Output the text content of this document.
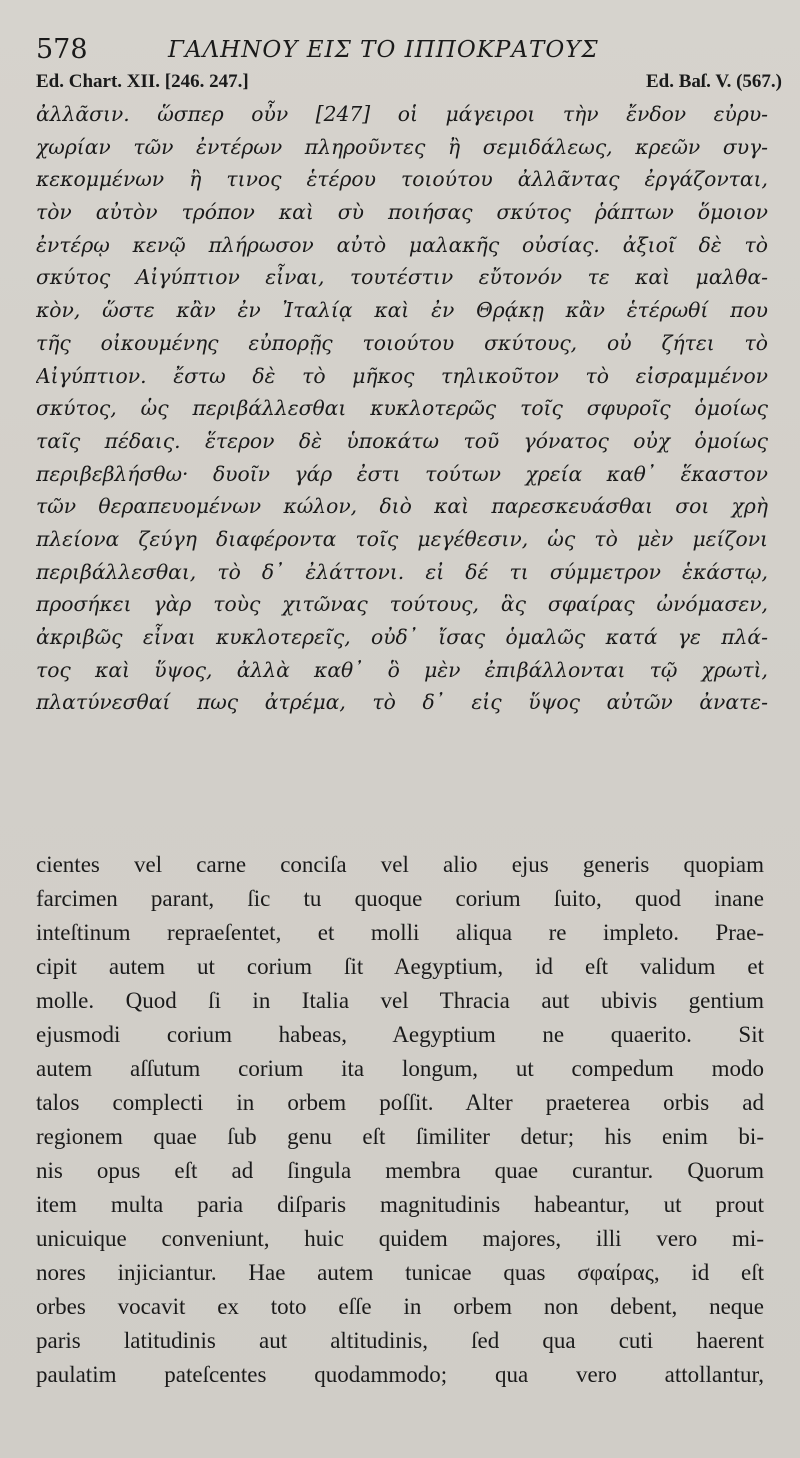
578	ΓΑΛΗΝΟΥ ΕΙΣ ΤΟ ΙΠΠΟΚΡΑΤΟΥΣ
Ed. Chart. XII. [246. 247.]	Ed. Baſ. V. (567.)
ἀλλᾶσιν. ὥσπερ οὖν [247] οἱ μάγειροι τὴν ἔνδον εὐρυ-
χωρίαν τῶν ἐντέρων πληροῦντες ἢ σεμιδάλεως, κρεῶν συγ-
κεκομμένων ἢ τινος ἑτέρου τοιούτου ἀλλᾶντας ἐργάζονται,
τὸν αὐτὸν τρόπον καὶ σὺ ποιήσας σκύτος ῥάπτων ὅμοιον
ἐντέρῳ κενῷ πλήρωσον αὐτὸ μαλακῆς οὐσίας. ἀξιοῖ δὲ τὸ
σκύτος Αἰγύπτιον εἶναι, τουτέστιν εὔτονόν τε καὶ μαλθα-
κὸν, ὥστε κἂν ἐν Ἰταλίᾳ καὶ ἐν Θρᾴκῃ κἂν ἑτέρωθί που
τῆς οἰκουμένης εὐπορῇς τοιούτου σκύτους, οὐ ζήτει τὸ
Αἰγύπτιον. ἔστω δὲ τὸ μῆκος τηλικοῦτον τὸ εἰσραμμένον
σκύτος, ὡς περιβάλλεσθαι κυκλοτερῶς τοῖς σφυροῖς ὁμοίως
ταῖς πέδαις. ἕτερον δὲ ὑποκάτω τοῦ γόνατος οὐχ ὁμοίως
περιβεβλήσθω· δυοῖν γάρ ἐστι τούτων χρεία καθ᾽ ἕκαστον
τῶν θεραπευομένων κώλον, διὸ καὶ παρεσκευάσθαι σοι χρὴ
πλείονα ζεύγη διαφέροντα τοῖς μεγέθεσιν, ὡς τὸ μὲν μείζονι
περιβάλλεσθαι, τὸ δ᾽ ἐλάττονι. εἰ δέ τι σύμμετρον ἑκάστῳ,
προσήκει γὰρ τοὺς χιτῶνας τούτους, ἃς σφαίρας ὠνόμασεν,
ἀκριβῶς εἶναι κυκλοτερεῖς, οὐδ᾽ ἴσας ὁμαλῶς κατά γε πλά-
τος καὶ ὕψος, ἀλλὰ καθ᾽ ὃ μὲν ἐπιβάλλονται τῷ χρωτὶ,
πλατύνεσθαί πως ἀτρέμα, τὸ δ᾽ εἰς ὕψος αὐτῶν ἀνατε-
cientes vel carne conciſa vel alio ejus generis quopiam
farcimen parant, ſic tu quoque corium ſuito, quod inane
inteſtinum repraeſentet, et molli aliqua re impleto. Prae-
cipit autem ut corium ſit Aegyptium, id eſt validum et
molle. Quod ſi in Italia vel Thracia aut ubivis gentium
ejusmodi corium habeas, Aegyptium ne quaerito. Sit
autem aſſutum corium ita longum, ut compedum modo
talos complecti in orbem poſſit. Alter praeterea orbis ad
regionem quae ſub genu eſt ſimiliter detur; his enim bi-
nis opus eſt ad ſingula membra quae curantur. Quorum
item multa paria diſparis magnitudinis habeantur, ut prout
unicuique conveniunt, huic quidem majores, illi vero mi-
nores injiciantur. Hae autem tunicae quas σφαίρας, id eſt
orbes vocavit ex toto eſſe in orbem non debent, neque
paris latitudinis aut altitudinis, ſed qua cuti haerent
paulatim pateſcentes quodammodo; qua vero attollantur,
